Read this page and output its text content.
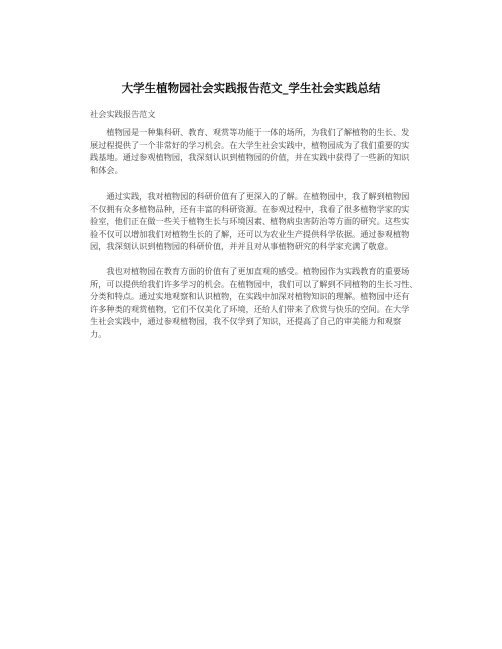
大学生植物园社会实践报告范文_学生社会实践总结
社会实践报告范文
　　植物园是一种集科研、教育、观赏等功能于一体的场所，为我们了解植物的生长、发
展过程提供了一个非常好的学习机会。在大学生社会实践中，植物园成为了我们重要的实
践基地。通过参观植物园，我深刻认识到植物园的价值，并在实践中获得了一些新的知识
和体会。
　　通过实践，我对植物园的科研价值有了更深入的了解。在植物园中，我了解到植物园
不仅拥有众多植物品种，还有丰富的科研资源。在参观过程中，我看了很多植物学家的实
验室，他们正在做一些关于植物生长与环境因素、植物病虫害防治等方面的研究。这些实
验不仅可以增加我们对植物生长的了解，还可以为农业生产提供科学依据。通过参观植物
园，我深刻认识到植物园的科研价值，并并且对从事植物研究的科学家充满了敬意。
　　我也对植物园在教育方面的价值有了更加直观的感受。植物园作为实践教育的重要场
所，可以提供给我们许多学习的机会。在植物园中，我们可以了解到不同植物的生长习性、
分类和特点。通过实地观察和认识植物，在实践中加深对植物知识的理解。植物园中还有
许多种类的观赏植物，它们不仅美化了环境，还给人们带来了欣赏与快乐的空间。在大学
生社会实践中，通过参观植物园，我不仅学到了知识，还提高了自己的审美能力和观察
力。
